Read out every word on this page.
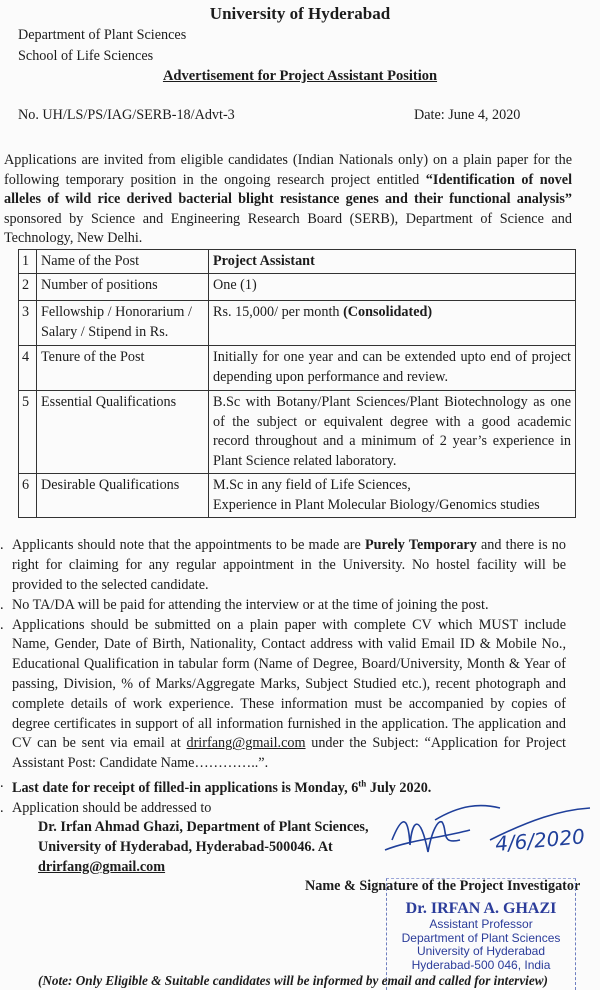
University of Hyderabad
Department of Plant Sciences
School of Life Sciences
Advertisement for Project Assistant Position
No. UH/LS/PS/IAG/SERB-18/Advt-3	Date: June 4, 2020
Applications are invited from eligible candidates (Indian Nationals only) on a plain paper for the following temporary position in the ongoing research project entitled “Identification of novel alleles of wild rice derived bacterial blight resistance genes and their functional analysis” sponsored by Science and Engineering Research Board (SERB), Department of Science and Technology, New Delhi.
1	Name of the Post	Project Assistant
2	Number of positions	One (1)
3	Fellowship / Honorarium / Salary / Stipend in Rs.	Rs. 15,000/ per month (Consolidated)
4	Tenure of the Post	Initially for one year and can be extended upto end of project depending upon performance and review.
5	Essential Qualifications	B.Sc with Botany/Plant Sciences/Plant Biotechnology as one of the subject or equivalent degree with a good academic record throughout and a minimum of 2 year’s experience in Plant Science related laboratory.
6	Desirable Qualifications	M.Sc in any field of Life Sciences,
Experience in Plant Molecular Biology/Genomics studies
. Applicants should note that the appointments to be made are Purely Temporary and there is no right for claiming for any regular appointment in the University. No hostel facility will be provided to the selected candidate.
. No TA/DA will be paid for attending the interview or at the time of joining the post.
. Applications should be submitted on a plain paper with complete CV which MUST include Name, Gender, Date of Birth, Nationality, Contact address with valid Email ID & Mobile No., Educational Qualification in tabular form (Name of Degree, Board/University, Month & Year of passing, Division, % of Marks/Aggregate Marks, Subject Studied etc.), recent photograph and complete details of work experience. These information must be accompanied by copies of degree certificates in support of all information furnished in the application. The application and CV can be sent via email at drirfang@gmail.com under the Subject: “Application for Project Assistant Post: Candidate Name…………..”.
. Last date for receipt of filled-in applications is Monday, 6th July 2020.
. Application should be addressed to
Dr. Irfan Ahmad Ghazi, Department of Plant Sciences,
University of Hyderabad, Hyderabad-500046. At
drirfang@gmail.com
4/6/2020
Name & Signature of the Project Investigator
Dr. IRFAN A. GHAZI
Assistant Professor
Department of Plant Sciences
University of Hyderabad
Hyderabad-500 046, India
(Note: Only Eligible & Suitable candidates will be informed by email and called for interview)
